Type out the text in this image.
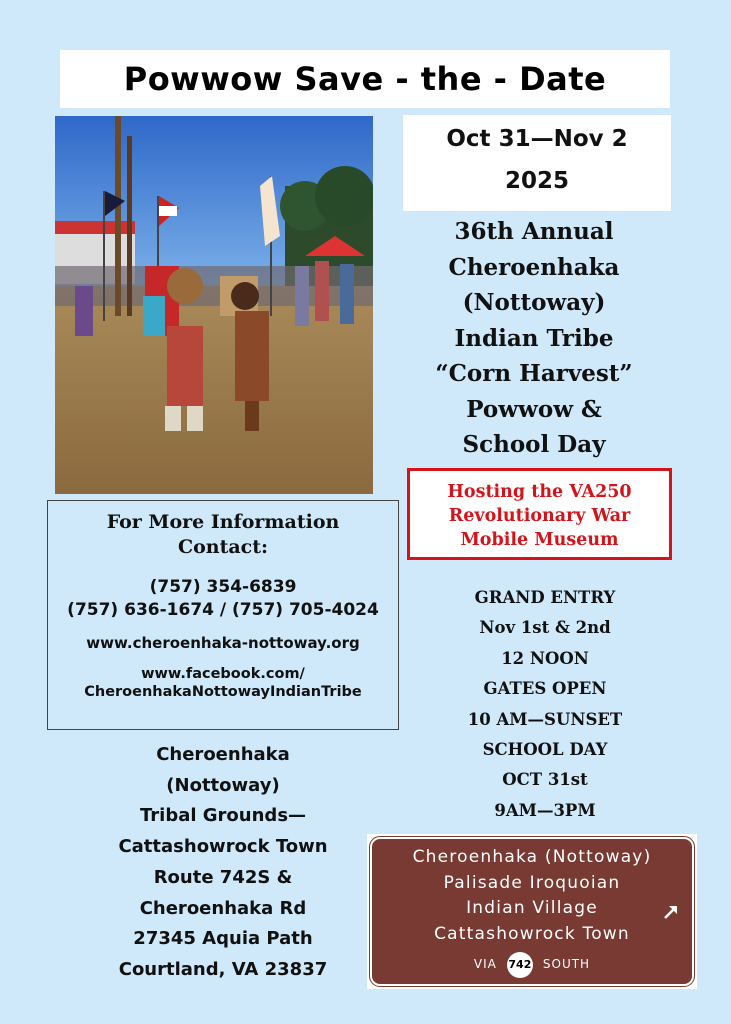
Powwow Save - the - Date
Oct 31—Nov 2
2025
36th Annual
Cheroenhaka
(Nottoway)
Indian Tribe
“Corn Harvest”
Powwow &
School Day
Hosting the VA250
Revolutionary War
Mobile Museum
For More Information
Contact:
(757) 354-6839
(757) 636-1674 / (757) 705-4024
www.cheroenhaka-nottoway.org
www.facebook.com/
CheroenhakaNottowayIndianTribe
GRAND ENTRY
Nov 1st & 2nd
12 NOON
GATES OPEN
10 AM—SUNSET
SCHOOL DAY
OCT 31st
9AM—3PM
Cheroenhaka
(Nottoway)
Tribal Grounds—
Cattashowrock Town
Route 742S &
Cheroenhaka Rd
27345 Aquia Path
Courtland, VA 23837
Cheroenhaka (Nottoway)
Palisade Iroquoian
Indian Village
Cattashowrock Town
VIA 742 SOUTH
